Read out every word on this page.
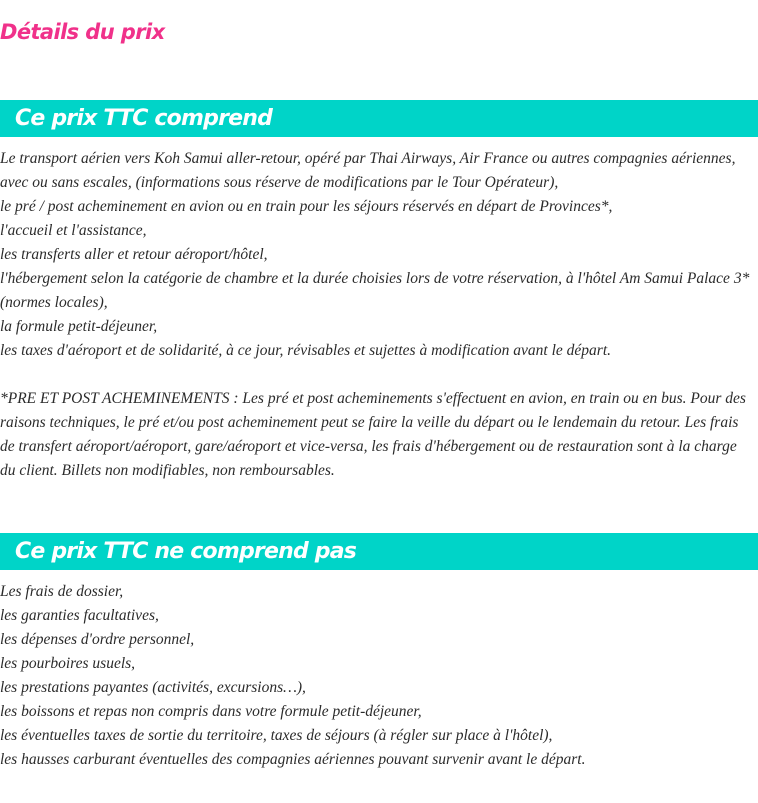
Détails du prix
Ce prix TTC comprend
Le transport aérien vers Koh Samui aller-retour, opéré par Thai Airways, Air France ou autres compagnies aériennes,
avec ou sans escales, (informations sous réserve de modifications par le Tour Opérateur),
le pré / post acheminement en avion ou en train pour les séjours réservés en départ de Provinces*,
l'accueil et l'assistance,
les transferts aller et retour aéroport/hôtel,
l'hébergement selon la catégorie de chambre et la durée choisies lors de votre réservation, à l'hôtel Am Samui Palace 3*
(normes locales),
la formule petit-déjeuner,
les taxes d'aéroport et de solidarité, à ce jour, révisables et sujettes à modification avant le départ.
*PRE ET POST ACHEMINEMENTS : Les pré et post acheminements s'effectuent en avion, en train ou en bus. Pour des
raisons techniques, le pré et/ou post acheminement peut se faire la veille du départ ou le lendemain du retour. Les frais
de transfert aéroport/aéroport, gare/aéroport et vice-versa, les frais d'hébergement ou de restauration sont à la charge
du client. Billets non modifiables, non remboursables.
Ce prix TTC ne comprend pas
Les frais de dossier,
les garanties facultatives,
les dépenses d'ordre personnel,
les pourboires usuels,
les prestations payantes (activités, excursions…),
les boissons et repas non compris dans votre formule petit-déjeuner,
les éventuelles taxes de sortie du territoire, taxes de séjours (à régler sur place à l'hôtel),
les hausses carburant éventuelles des compagnies aériennes pouvant survenir avant le départ.
